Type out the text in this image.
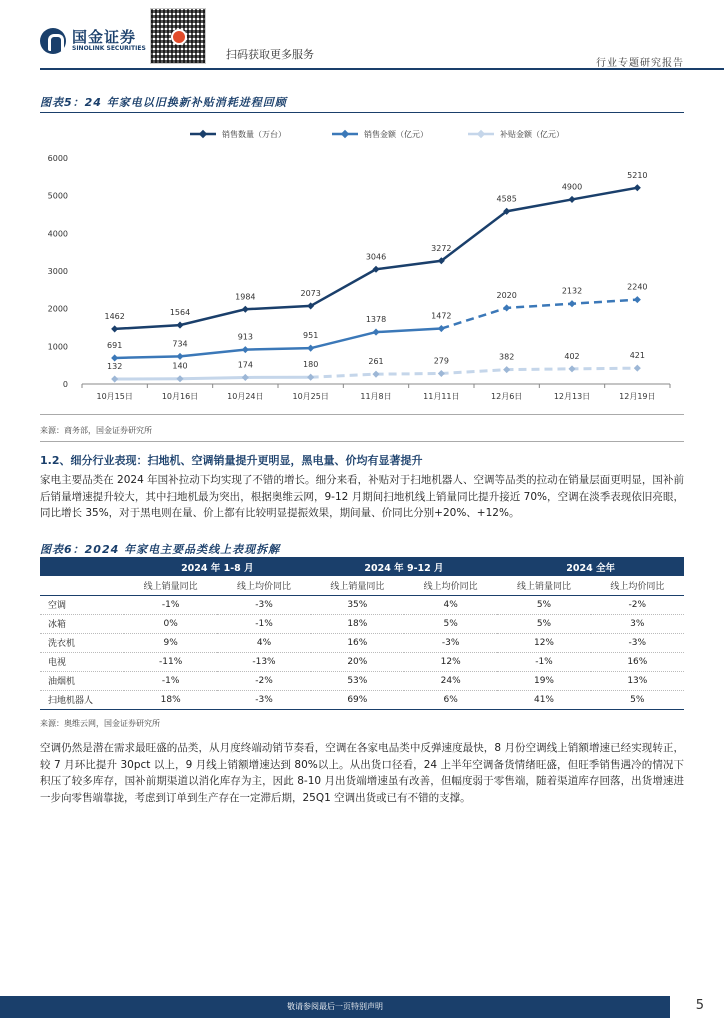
国金证券
SINOLINK SECURITIES	扫码获取更多服务
行业专题研究报告
图表5：24 年家电以旧换新补贴消耗进程回顾
销售数量（万台）	销售金额（亿元）	补贴金额（亿元）
0
1000
2000
3000
4000
5000
6000
10月15日	10月16日	10月24日	10月25日	11月8日	11月11日	12月6日	12月13日	12月19日
1462	1564
1984	2073
3046
3272
4585
4900
5210
691	734
913	951
1378	1472
2020	2132	2240
132	140	174	180	261	279	382	402	421
来源：商务部，国金证券研究所
1.2、细分行业表现：扫地机、空调销量提升更明显，黑电量、价均有显著提升
家电主要品类在 2024 年国补拉动下均实现了不错的增长。细分来看，补贴对于扫地机器人、空调等品类的拉动在销量层面更明显，国补前后销量增速提升较大，其中扫地机最为突出，根据奥维云网，9-12 月期间扫地机线上销量同比提升接近 70%，空调在淡季表现依旧亮眼，同比增长 35%，对于黑电则在量、价上都有比较明显提振效果，期间量、价同比分别+20%、+12%。
图表6：2024 年家电主要品类线上表现拆解
	2024 年 1-8 月		2024 年 9-12 月		2024 全年	
	线上销量同比	线上均价同比	线上销量同比	线上均价同比	线上销量同比	线上均价同比
空调	-1%	-3%	35%	4%	5%	-2%
冰箱	0%	-1%	18%	5%	5%	3%
洗衣机	9%	4%	16%	-3%	12%	-3%
电视	-11%	-13%	20%	12%	-1%	16%
油烟机	-1%	-2%	53%	24%	19%	13%
扫地机器人	18%	-3%	69%	6%	41%	5%
来源：奥维云网，国金证券研究所
空调仍然是潜在需求最旺盛的品类，从月度终端动销节奏看，空调在各家电品类中反弹速度最快，8 月份空调线上销额增速已经实现转正，较 7 月环比提升 30pct 以上，9 月线上销额增速达到 80%以上。从出货口径看，24 上半年空调备货情绪旺盛，但旺季销售遇冷的情况下积压了较多库存，国补前期渠道以消化库存为主，因此 8-10 月出货端增速虽有改善，但幅度弱于零售端，随着渠道库存回落，出货增速进一步向零售端靠拢，考虑到订单到生产存在一定滞后期，25Q1 空调出货或已有不错的支撑。
敬请参阅最后一页特别声明	5
